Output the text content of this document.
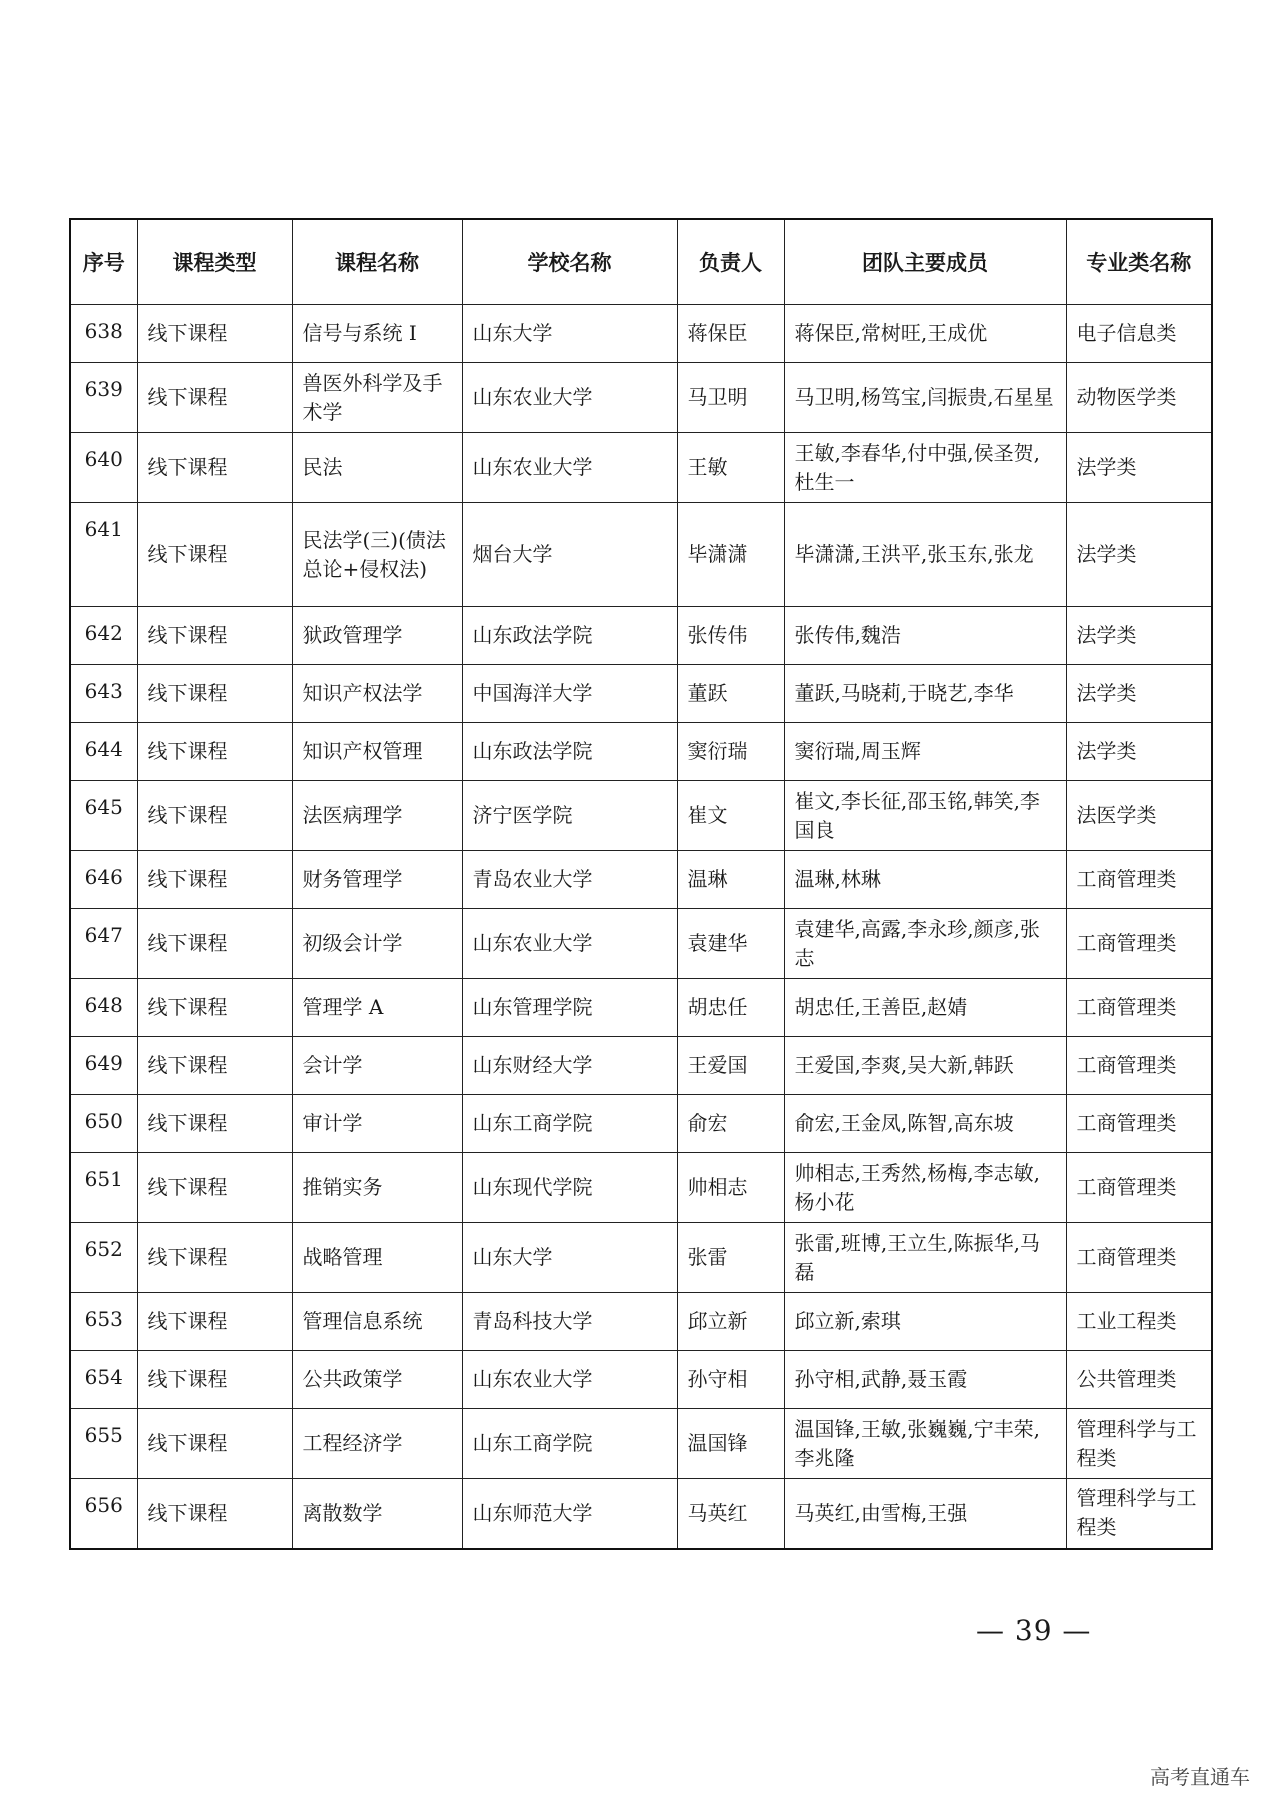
序号	课程类型	课程名称	学校名称	负责人	团队主要成员	专业类名称
638	线下课程	信号与系统 I	山东大学	蒋保臣	蒋保臣,常树旺,王成优	电子信息类
639	线下课程	兽医外科学及手术学	山东农业大学	马卫明	马卫明,杨笃宝,闫振贵,石星星	动物医学类
640	线下课程	民法	山东农业大学	王敏	王敏,李春华,付中强,侯圣贺,杜生一	法学类
641	线下课程	民法学(三)(债法总论+侵权法)	烟台大学	毕潇潇	毕潇潇,王洪平,张玉东,张龙	法学类
642	线下课程	狱政管理学	山东政法学院	张传伟	张传伟,魏浩	法学类
643	线下课程	知识产权法学	中国海洋大学	董跃	董跃,马晓莉,于晓艺,李华	法学类
644	线下课程	知识产权管理	山东政法学院	窦衍瑞	窦衍瑞,周玉辉	法学类
645	线下课程	法医病理学	济宁医学院	崔文	崔文,李长征,邵玉铭,韩笑,李国良	法医学类
646	线下课程	财务管理学	青岛农业大学	温琳	温琳,林琳	工商管理类
647	线下课程	初级会计学	山东农业大学	袁建华	袁建华,高露,李永珍,颜彦,张志	工商管理类
648	线下课程	管理学 A	山东管理学院	胡忠任	胡忠任,王善臣,赵婧	工商管理类
649	线下课程	会计学	山东财经大学	王爱国	王爱国,李爽,吴大新,韩跃	工商管理类
650	线下课程	审计学	山东工商学院	俞宏	俞宏,王金凤,陈智,高东坡	工商管理类
651	线下课程	推销实务	山东现代学院	帅相志	帅相志,王秀然,杨梅,李志敏,杨小花	工商管理类
652	线下课程	战略管理	山东大学	张雷	张雷,班博,王立生,陈振华,马磊	工商管理类
653	线下课程	管理信息系统	青岛科技大学	邱立新	邱立新,索琪	工业工程类
654	线下课程	公共政策学	山东农业大学	孙守相	孙守相,武静,聂玉霞	公共管理类
655	线下课程	工程经济学	山东工商学院	温国锋	温国锋,王敏,张巍巍,宁丰荣,李兆隆	管理科学与工程类
656	线下课程	离散数学	山东师范大学	马英红	马英红,由雪梅,王强	管理科学与工程类
— 39 —
高考直通车
